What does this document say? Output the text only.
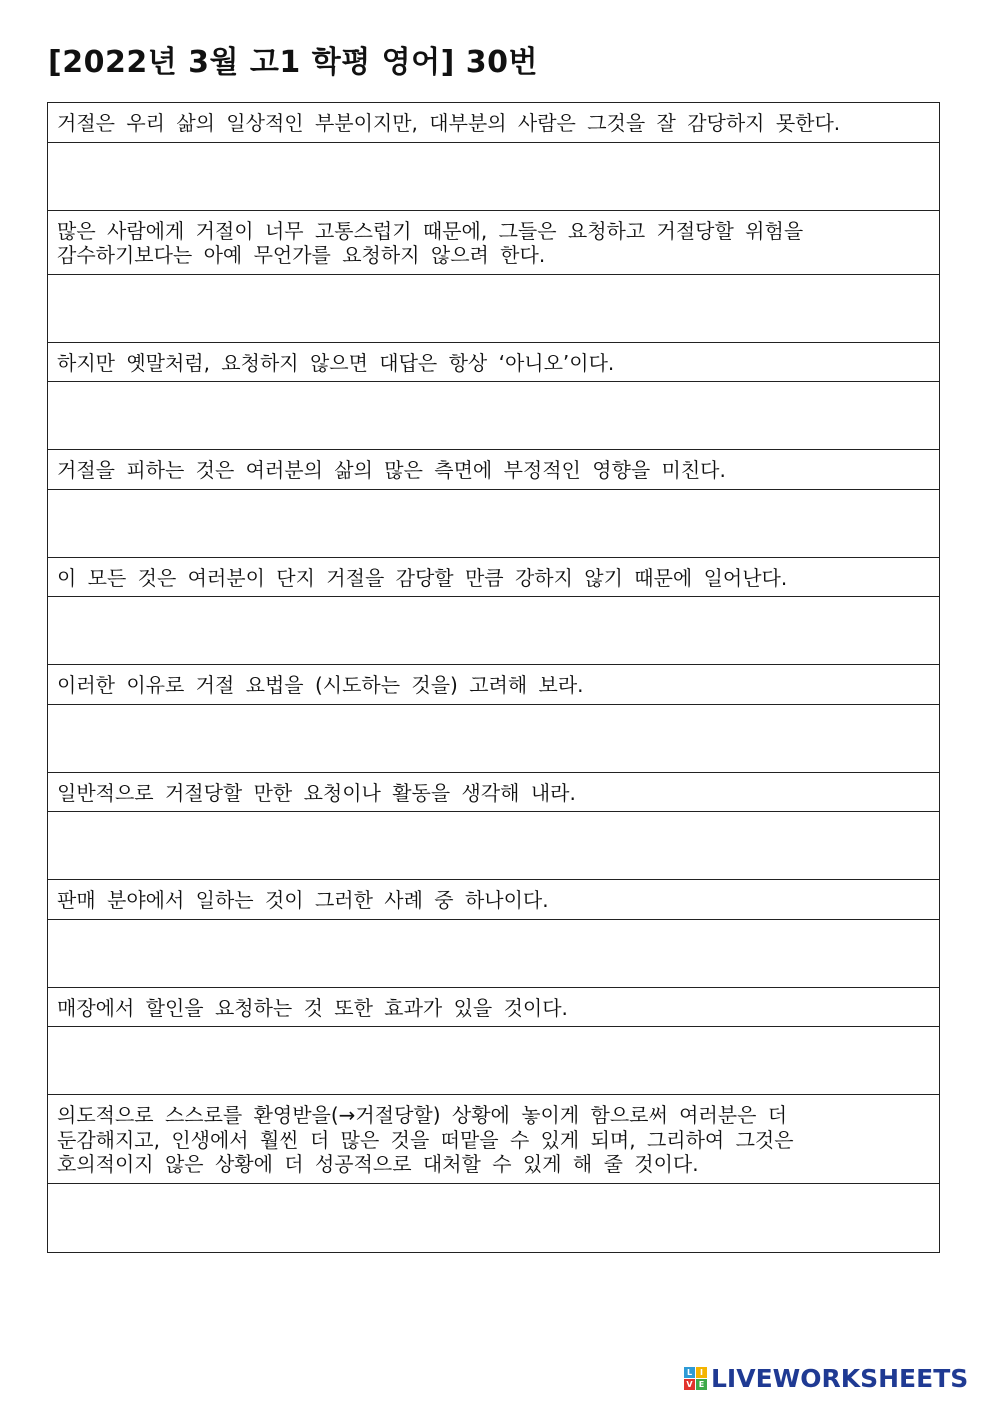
[2022년 3월 고1 학평 영어] 30번
거절은 우리 삶의 일상적인 부분이지만, 대부분의 사람은 그것을 잘 감당하지 못한다.
많은 사람에게 거절이 너무 고통스럽기 때문에, 그들은 요청하고 거절당할 위험을
감수하기보다는 아예 무언가를 요청하지 않으려 한다.
하지만 옛말처럼, 요청하지 않으면 대답은 항상 ‘아니오’이다.
거절을 피하는 것은 여러분의 삶의 많은 측면에 부정적인 영향을 미친다.
이 모든 것은 여러분이 단지 거절을 감당할 만큼 강하지 않기 때문에 일어난다.
이러한 이유로 거절 요법을 (시도하는 것을) 고려해 보라.
일반적으로 거절당할 만한 요청이나 활동을 생각해 내라.
판매 분야에서 일하는 것이 그러한 사례 중 하나이다.
매장에서 할인을 요청하는 것 또한 효과가 있을 것이다.
의도적으로 스스로를 환영받을(→거절당할) 상황에 놓이게 함으로써 여러분은 더
둔감해지고, 인생에서 훨씬 더 많은 것을 떠맡을 수 있게 되며, 그리하여 그것은
호의적이지 않은 상황에 더 성공적으로 대처할 수 있게 해 줄 것이다.
L I
V E LIVEWORKSHEETS
